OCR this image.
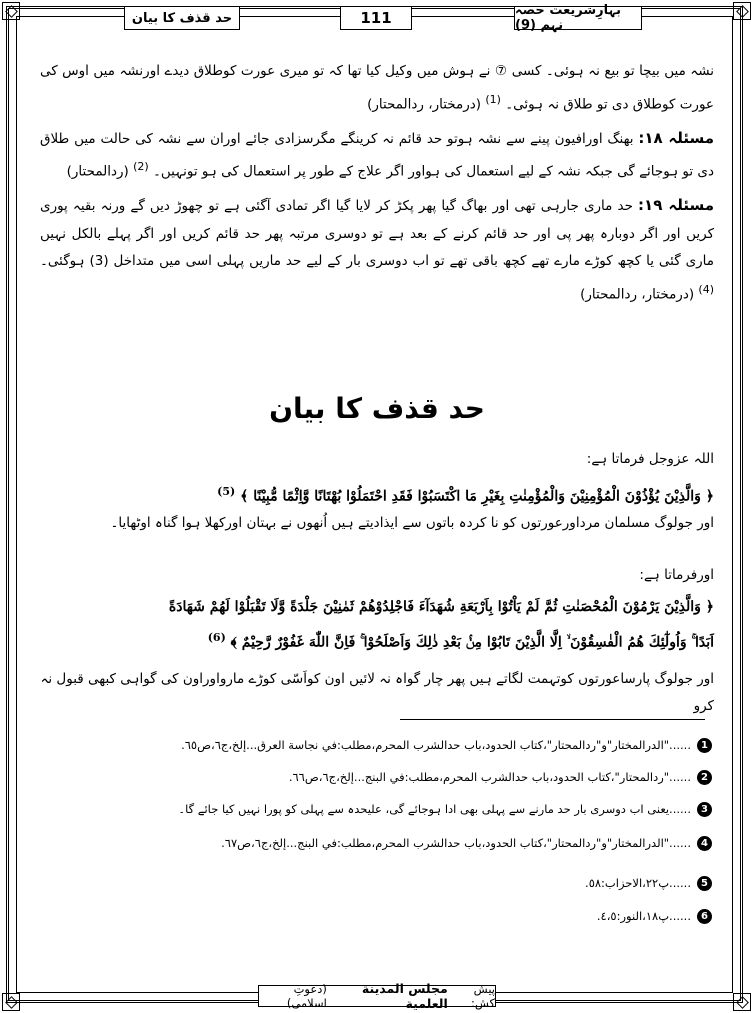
حد قذف کا بیان	111	بہارِشریعت حصہ نہم (9)

نشہ میں بیچا تو بیع نہ ہوئی۔ کسی ⑦ نے ہوش میں وکیل کیا تھا کہ تو میری عورت کوطلاق دیدے اورنشہ میں اوس کی عورت کوطلاق دی تو طلاق نہ ہوئی۔ $^{(1)}$ (درمختار، ردالمحتار)

مسئلہ ۱۸: بھنگ اورافیون پینے سے نشہ ہوتو حد قائم نہ کرینگے مگرسزادی جائے اوران سے نشہ کی حالت میں طلاق دی تو ہوجائے گی جبکہ نشہ کے لیے استعمال کی ہواور اگر علاج کے طور پر استعمال کی ہو تونہیں۔ $^{(2)}$ (ردالمحتار)

مسئلہ ۱۹: حد ماری جارہی تھی اور بھاگ گیا پھر پکڑ کر لایا گیا اگر تمادی آگئی ہے تو چھوڑ دیں گے ورنہ بقیہ پوری کریں اور اگر دوبارہ پھر پی اور حد قائم کرنے کے بعد ہے تو دوسری مرتبہ پھر حد قائم کریں اور اگر پہلے بالکل نہیں ماری گئی یا کچھ کوڑے مارے تھے کچھ باقی تھے تو اب دوسری بار کے لیے حد ماریں پہلی اسی میں متداخل (3) ہوگئی۔ $^{(4)}$ (درمختار، ردالمحتار)

حد قذف کا بیان
اللہ عزوجل فرماتا ہے:
﴿ وَالَّذِيْنَ يُؤْذُوْنَ الْمُؤْمِنِيْنَ وَالْمُؤْمِنٰتِ بِغَيْرِ مَا اكْتَسَبُوْا فَقَدِ احْتَمَلُوْا بُهْتَانًا وَّاِثْمًا مُّبِيْنًا ﴾ $^{(5)}$
اور جولوگ مسلمان مرداورعورتوں کو نا کردہ باتوں سے ایذادیتے ہیں اُنھوں نے بہتان اورکھلا ہوا گناہ اوٹھایا۔
اورفرماتا ہے:
﴿ وَالَّذِيْنَ يَرْمُوْنَ الْمُحْصَنٰتِ ثُمَّ لَمْ يَاْتُوْا بِاَرْبَعَةِ شُهَدَآءَ فَاجْلِدُوْهُمْ ثَمٰنِيْنَ جَلْدَةً وَّلَا تَقْبَلُوْا لَهُمْ شَهَادَةً
اَبَدًا ۚ وَاُولٰٓئِكَ هُمُ الْفٰسِقُوْنَ ۙ اِلَّا الَّذِيْنَ تَابُوْا مِنْۢ بَعْدِ ذٰلِكَ وَاَصْلَحُوْا ۚ فَاِنَّ اللّٰهَ غَفُوْرٌ رَّحِيْمٌ ﴾ $^{(6)}$
اور جولوگ پارساعورتوں کوتہمت لگاتے ہیں پھر چار گواہ نہ لائیں اون کواَسّی کوڑے مارواوراون کی گواہی کبھی قبول نہ کرو
1
......"الدرالمختار"و"ردالمحتار"،كتاب الحدود،باب حدالشرب المحرم،مطلب:في نجاسة العرق...إلخ،ج٦،ص٦٥.
2
......"ردالمحتار"،كتاب الحدود،باب حدالشرب المحرم،مطلب:في البنج...إلخ،ج٦،ص٦٦.
3
......یعنی اب دوسری بار حد مارنے سے پہلی بھی ادا ہوجائے گی، علیحدہ سے پہلی کو پورا نہیں کیا جائے گا۔
4
......"الدرالمختار"و"ردالمحتار"،كتاب الحدود،باب حدالشرب المحرم،مطلب:في البنج...إلخ،ج٦،ص٦٧.
5
......پ٢٢،الاحزاب:٥٨.
6
......پ١٨،النور:٤،٥.
پیش کش:
مجلس المدينة العلمية
(دعوتِ اسلامی)
